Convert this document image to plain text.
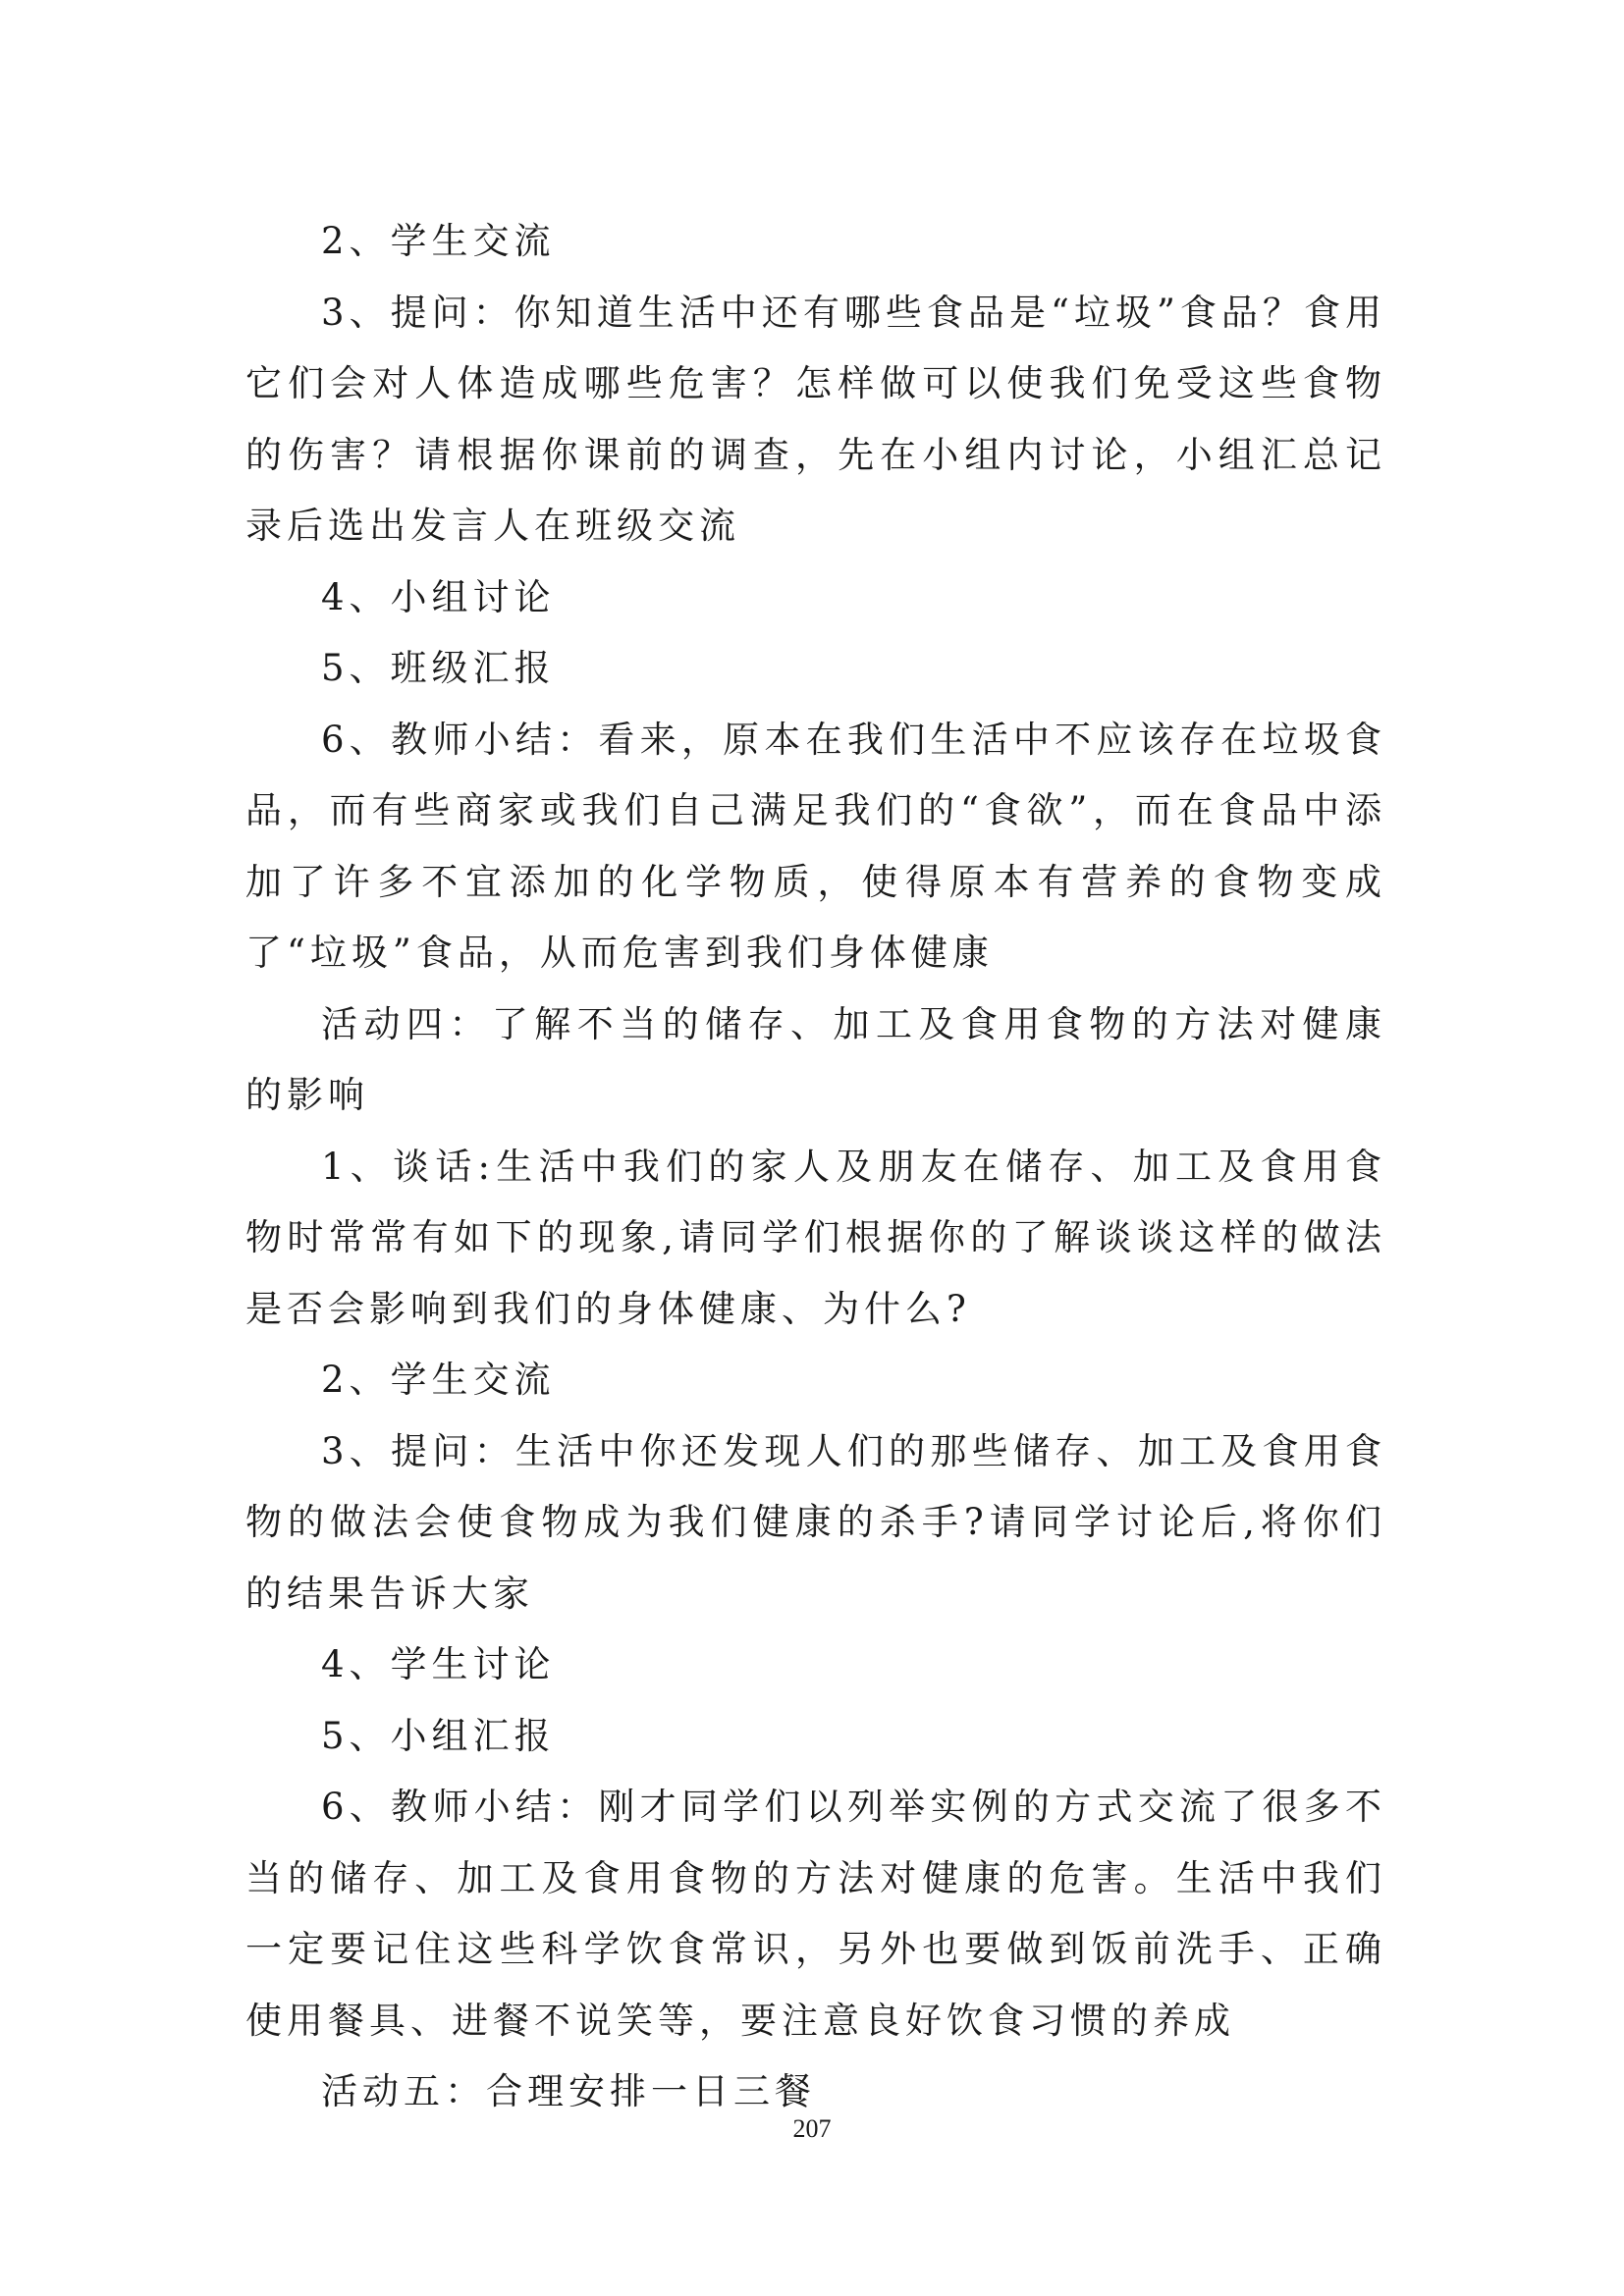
2、学生交流

3、提问：你知道生活中还有哪些食品是“垃圾”食品？食用它们会对人体造成哪些危害？怎样做可以使我们免受这些食物的伤害？请根据你课前的调查，先在小组内讨论，小组汇总记录后选出发言人在班级交流

4、小组讨论

5、班级汇报

6、教师小结：看来，原本在我们生活中不应该存在垃圾食品，而有些商家或我们自己满足我们的“食欲”，而在食品中添加了许多不宜添加的化学物质，使得原本有营养的食物变成了“垃圾”食品，从而危害到我们身体健康

活动四：了解不当的储存、加工及食用食物的方法对健康的影响

1、谈话:生活中我们的家人及朋友在储存、加工及食用食物时常常有如下的现象,请同学们根据你的了解谈谈这样的做法是否会影响到我们的身体健康、为什么?

2、学生交流

3、提问：生活中你还发现人们的那些储存、加工及食用食物的做法会使食物成为我们健康的杀手?请同学讨论后,将你们的结果告诉大家

4、学生讨论

5、小组汇报

6、教师小结：刚才同学们以列举实例的方式交流了很多不当的储存、加工及食用食物的方法对健康的危害。生活中我们一定要记住这些科学饮食常识，另外也要做到饭前洗手、正确使用餐具、进餐不说笑等，要注意良好饮食习惯的养成

活动五：合理安排一日三餐

207
